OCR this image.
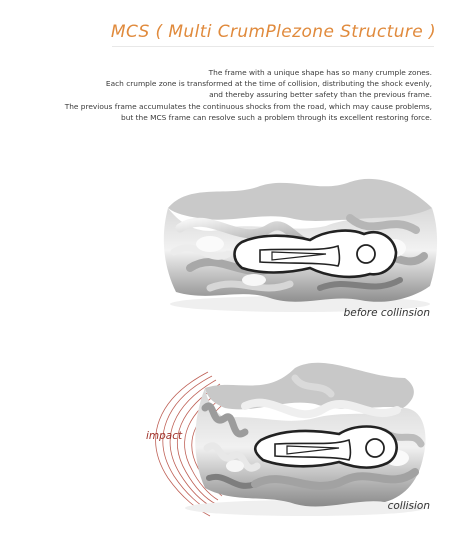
MCS ( Multi CrumPlezone Structure )
The frame with a unique shape has so many crumple zones.
Each crumple zone is transformed at the time of collision, distributing the shock evenly,
and thereby assuring better safety than the previous frame.
The previous frame accumulates the continuous shocks from the road, which may cause problems,
but the MCS frame can resolve such a problem through its excellent restoring force.
before collinsion
impact
collision
